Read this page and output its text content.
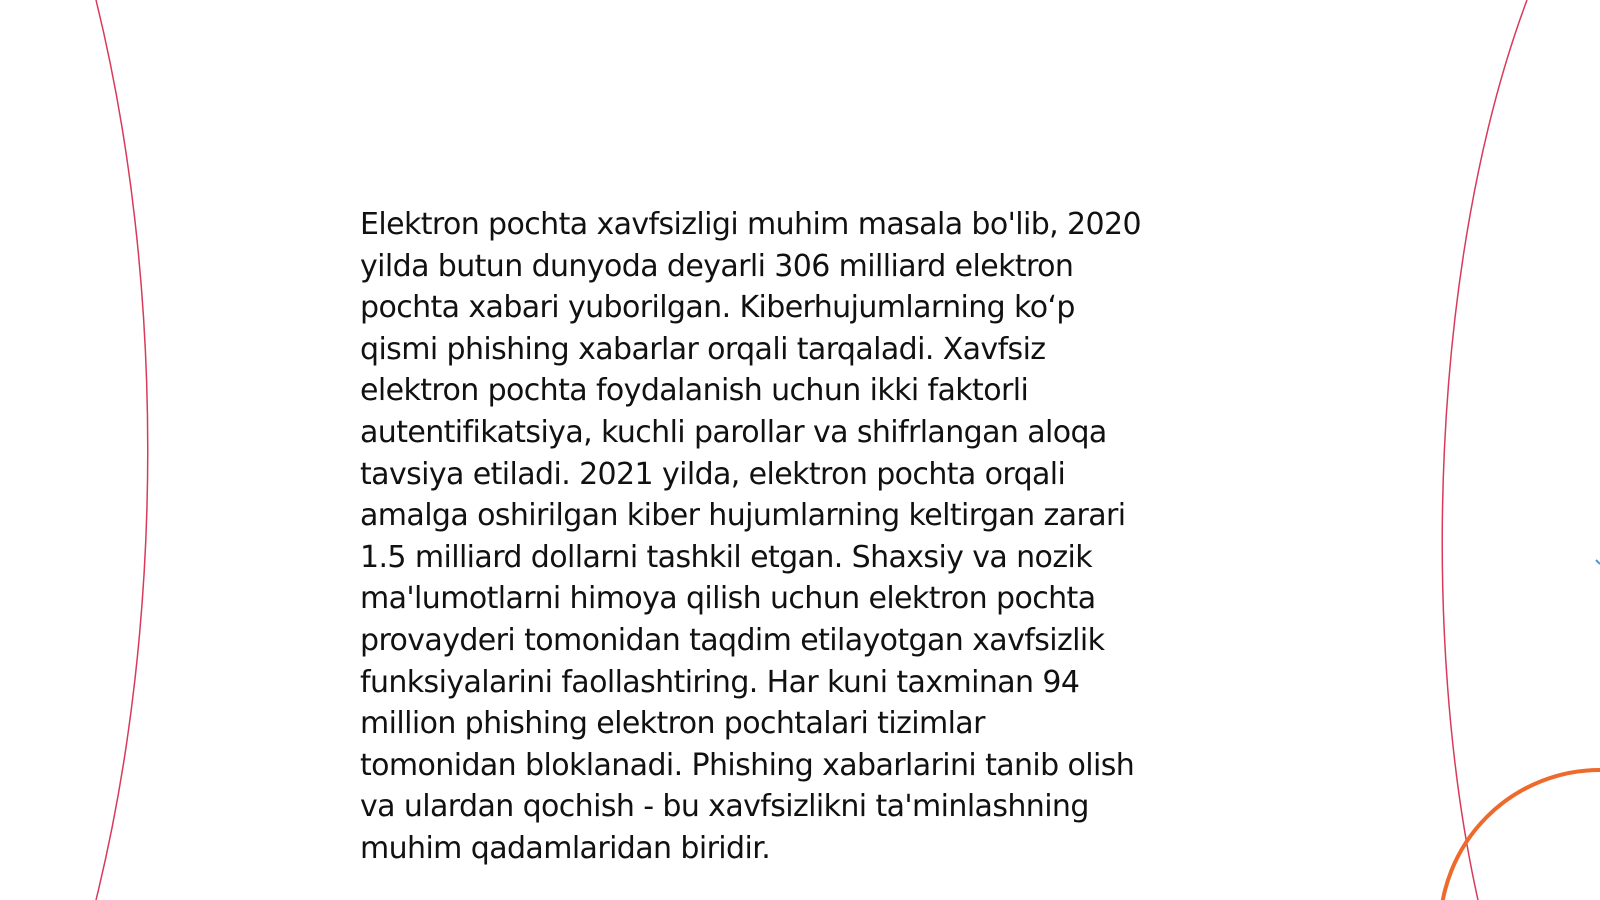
Elektron pochta xavfsizligi muhim masala bo'lib, 2020
yilda butun dunyoda deyarli 306 milliard elektron
pochta xabari yuborilgan. Kiberhujumlarning koʻp
qismi phishing xabarlar orqali tarqaladi. Xavfsiz
elektron pochta foydalanish uchun ikki faktorli
autentifikatsiya, kuchli parollar va shifrlangan aloqa
tavsiya etiladi. 2021 yilda, elektron pochta orqali
amalga oshirilgan kiber hujumlarning keltirgan zarari
1.5 milliard dollarni tashkil etgan. Shaxsiy va nozik
ma'lumotlarni himoya qilish uchun elektron pochta
provayderi tomonidan taqdim etilayotgan xavfsizlik
funksiyalarini faollashtiring. Har kuni taxminan 94
million phishing elektron pochtalari tizimlar
tomonidan bloklanadi. Phishing xabarlarini tanib olish
va ulardan qochish - bu xavfsizlikni ta'minlashning
muhim qadamlaridan biridir.
